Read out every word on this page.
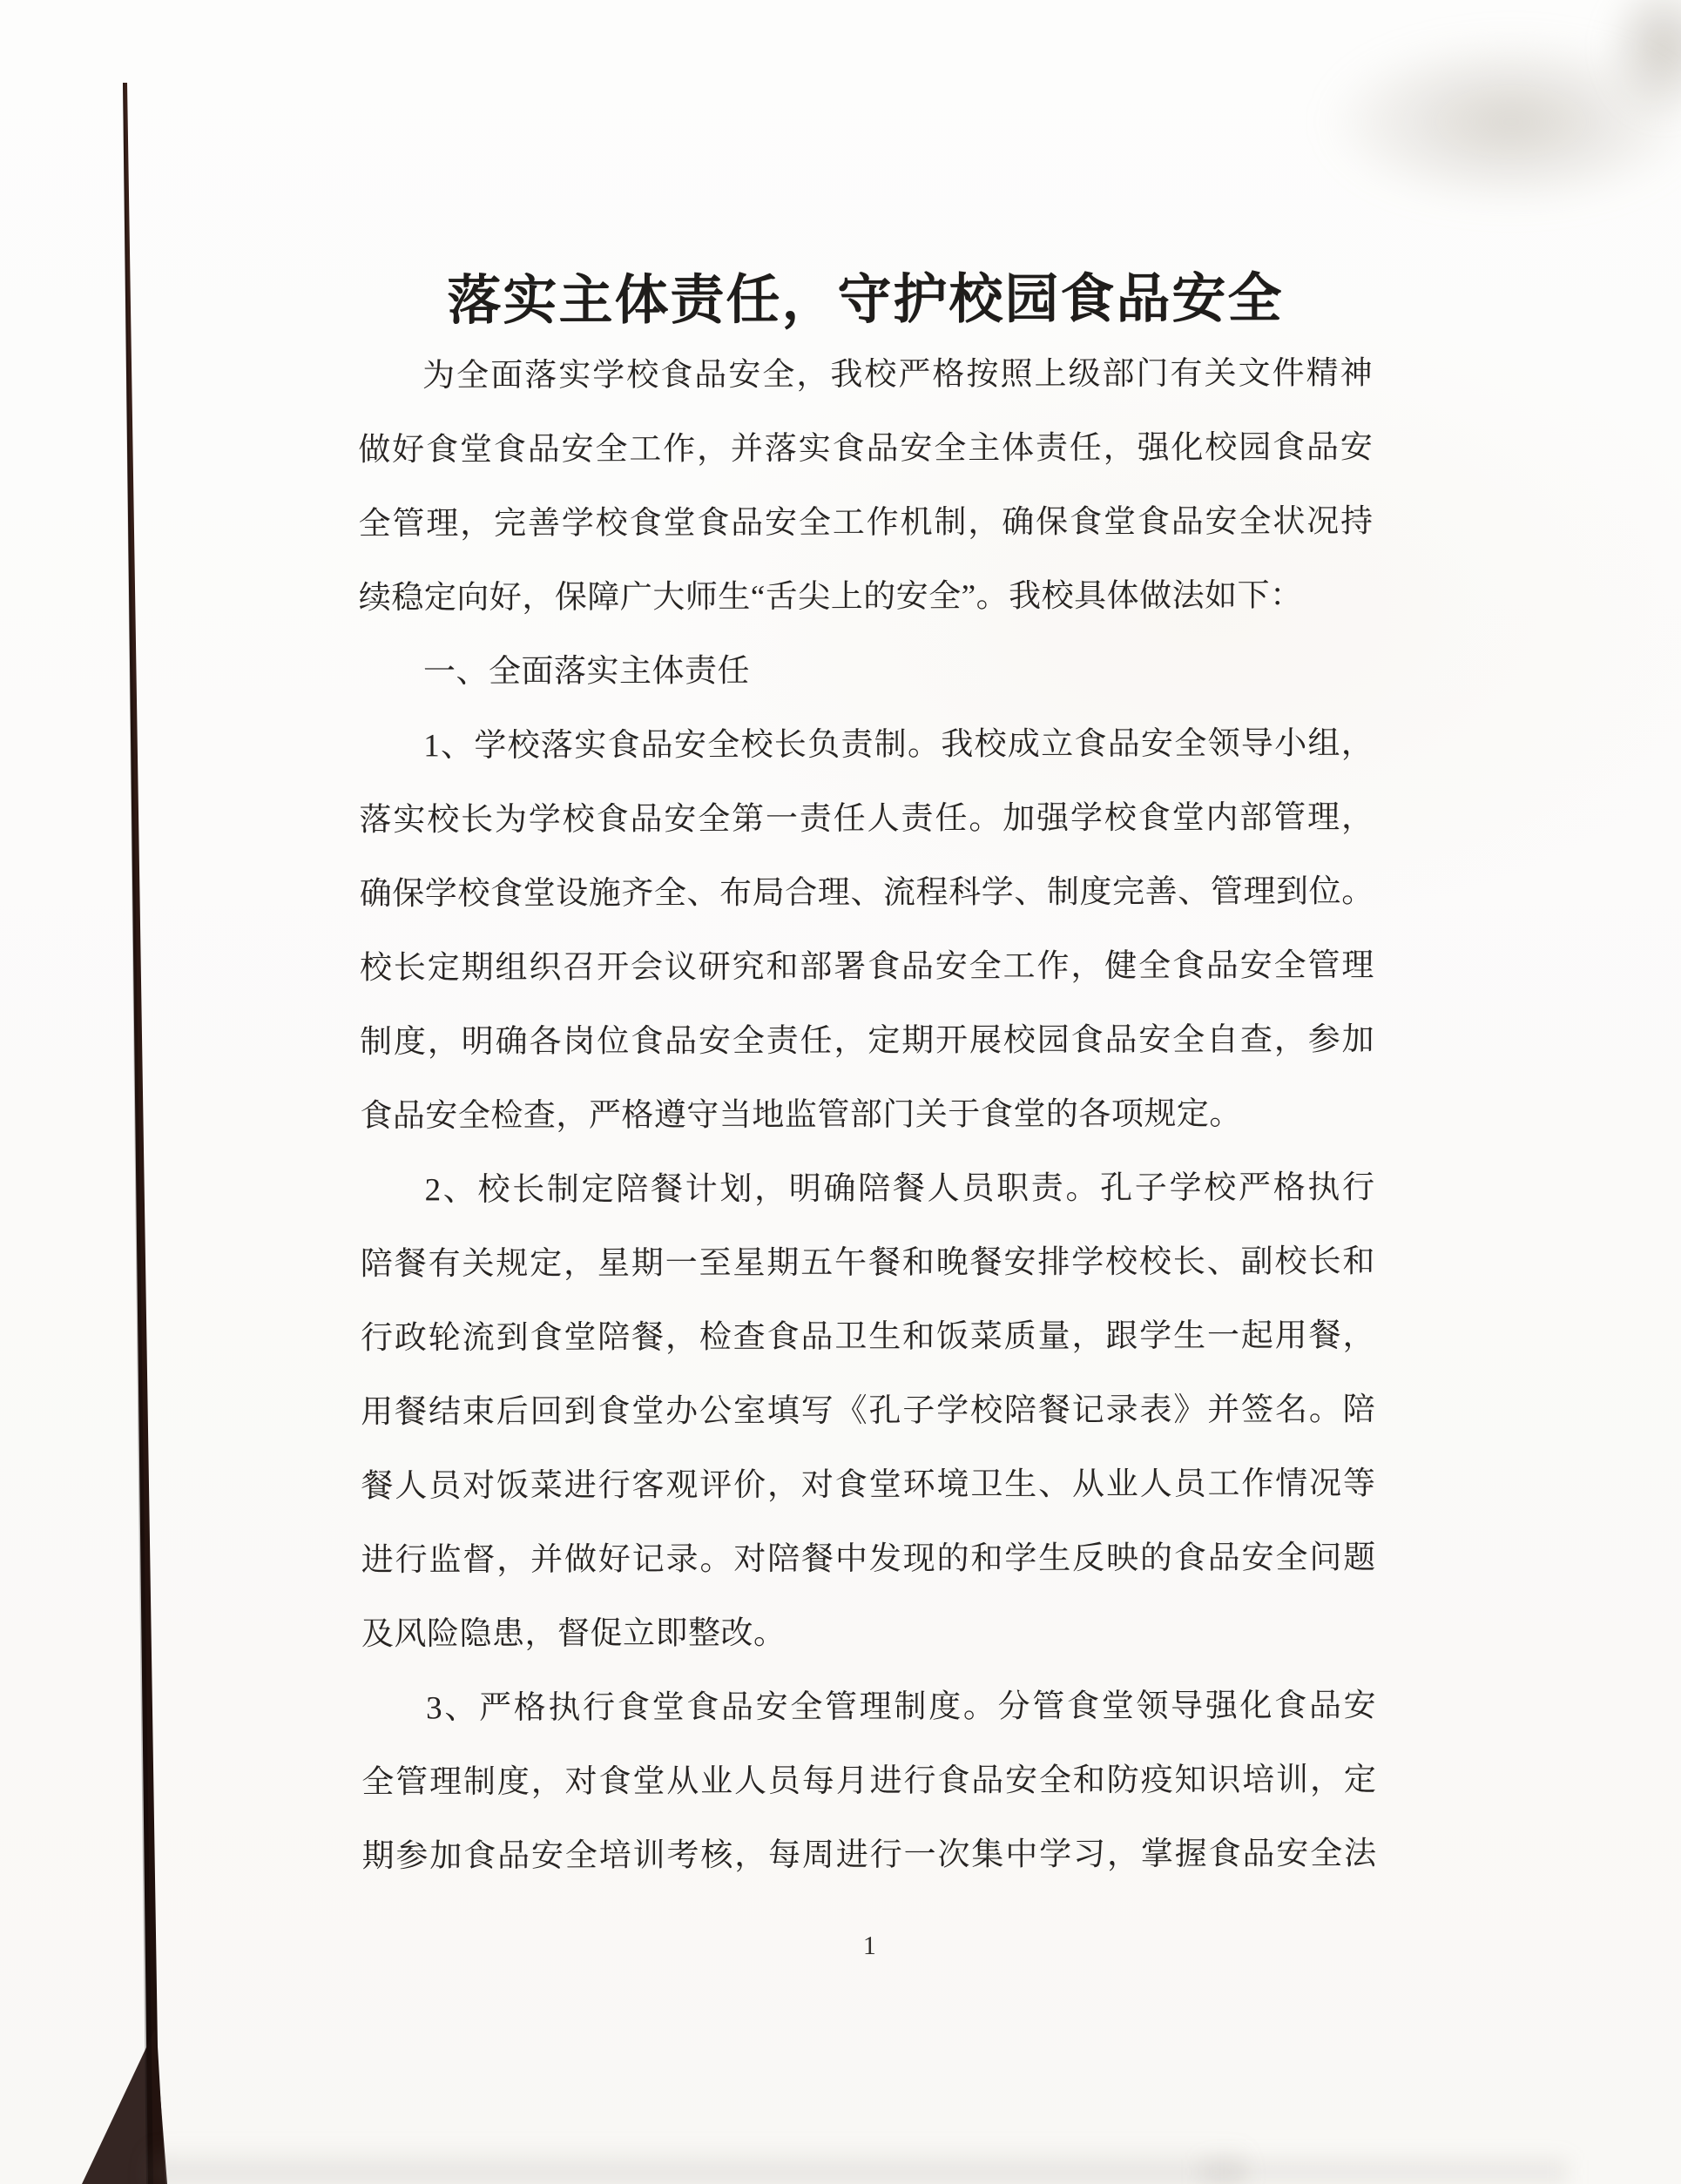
落实主体责任，守护校园食品安全
为全面落实学校食品安全，我校严格按照上级部门有关文件精神
做好食堂食品安全工作，并落实食品安全主体责任，强化校园食品安
全管理，完善学校食堂食品安全工作机制，确保食堂食品安全状况持
续稳定向好，保障广大师生“舌尖上的安全”。我校具体做法如下：
一、全面落实主体责任
1、学校落实食品安全校长负责制。我校成立食品安全领导小组，
落实校长为学校食品安全第一责任人责任。加强学校食堂内部管理，
确保学校食堂设施齐全、布局合理、流程科学、制度完善、管理到位。
校长定期组织召开会议研究和部署食品安全工作，健全食品安全管理
制度，明确各岗位食品安全责任，定期开展校园食品安全自查，参加
食品安全检查，严格遵守当地监管部门关于食堂的各项规定。
2、校长制定陪餐计划，明确陪餐人员职责。孔子学校严格执行
陪餐有关规定，星期一至星期五午餐和晚餐安排学校校长、副校长和
行政轮流到食堂陪餐，检查食品卫生和饭菜质量，跟学生一起用餐，
用餐结束后回到食堂办公室填写《孔子学校陪餐记录表》并签名。陪
餐人员对饭菜进行客观评价，对食堂环境卫生、从业人员工作情况等
进行监督，并做好记录。对陪餐中发现的和学生反映的食品安全问题
及风险隐患，督促立即整改。
3、严格执行食堂食品安全管理制度。分管食堂领导强化食品安
全管理制度，对食堂从业人员每月进行食品安全和防疫知识培训，定
期参加食品安全培训考核，每周进行一次集中学习，掌握食品安全法
1
